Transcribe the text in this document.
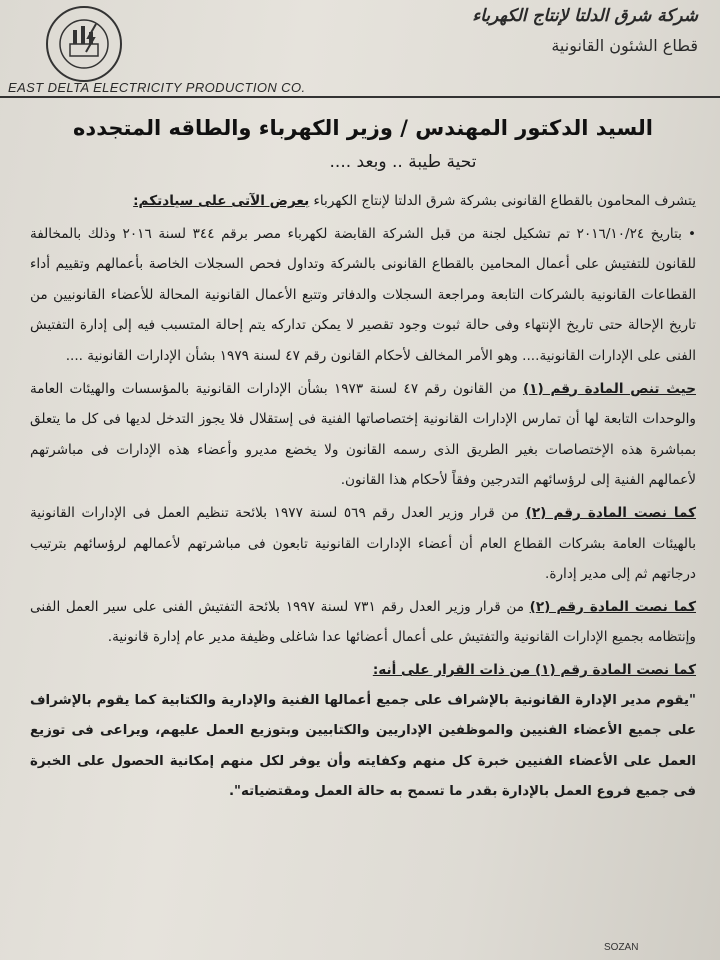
شركة شرق الدلتا لإنتاج الكهرباء
قطاع الشئون القانونية
EAST DELTA ELECTRICITY PRODUCTION CO.
السيد الدكتور المهندس / وزير الكهرباء والطاقه المتجدده
تحية طيبة .. وبعد ....

يتشرف المحامون بالقطاع القانونى بشركة شرق الدلتا لإنتاج الكهرباء بعرض الآتى على سيادتكم:

• بتاريخ ٢٠١٦/١٠/٢٤ تم تشكيل لجنة من قبل الشركة القابضة لكهرباء مصر برقم ٣٤٤ لسنة ٢٠١٦ وذلك بالمخالفة للقانون للتفتيش على أعمال المحامين بالقطاع القانونى بالشركة وتداول فحص السجلات الخاصة بأعمالهم وتقييم أداء القطاعات القانونية بالشركات التابعة ومراجعة السجلات والدفاتر وتتبع الأعمال القانونية المحالة للأعضاء القانونيين من تاريخ الإحالة حتى تاريخ الإنتهاء وفى حالة ثبوت وجود تقصير لا يمكن تداركه يتم إحالة المتسبب فيه إلى إدارة التفتيش الفنى على الإدارات القانونية.... وهو الأمر المخالف لأحكام القانون رقم ٤٧ لسنة ١٩٧٩ بشأن الإدارات القانونية ....

حيث تنص المادة رقم (١) من القانون رقم ٤٧ لسنة ١٩٧٣ بشأن الإدارات القانونية بالمؤسسات والهيئات العامة والوحدات التابعة لها أن تمارس الإدارات القانونية إختصاصاتها الفنية فى إستقلال فلا يجوز التدخل لديها فى كل ما يتعلق بمباشرة هذه الإختصاصات بغير الطريق الذى رسمه القانون ولا يخضع مديرو وأعضاء هذه الإدارات فى مباشرتهم لأعمالهم الفنية إلى لرؤسائهم التدرجين وفقاً لأحكام هذا القانون.

كما نصت المادة رقم (٢) من قرار وزير العدل رقم ٥٦٩ لسنة ١٩٧٧ بلائحة تنظيم العمل فى الإدارات القانونية بالهيئات العامة بشركات القطاع العام أن أعضاء الإدارات القانونية تابعون فى مباشرتهم لأعمالهم لرؤسائهم بترتيب درجاتهم ثم إلى مدير إدارة.

كما نصت المادة رقم (٢) من قرار وزير العدل رقم ٧٣١ لسنة ١٩٩٧ بلائحة التفتيش الفنى على سير العمل الفنى وإنتظامه بجميع الإدارات القانونية والتفتيش على أعمال أعضائها عدا شاغلى وظيفة مدير عام إدارة قانونية.

كما نصت المادة رقم (١) من ذات القرار على أنه:

"يقوم مدير الإدارة القانونية بالإشراف على جميع أعمالها الفنية والإدارية والكتابية كما يقوم بالإشراف على جميع الأعضاء الفنيين والموظفين الإداريين والكتابيين وبتوزيع العمل عليهم، ويراعى فى توزيع العمل على الأعضاء الفنيين خبرة كل منهم وكفايته وأن يوفر لكل منهم إمكانية الحصول على الخبرة فى جميع فروع العمل بالإدارة بقدر ما تسمح به حالة العمل ومقتضياته".

SOZAN
